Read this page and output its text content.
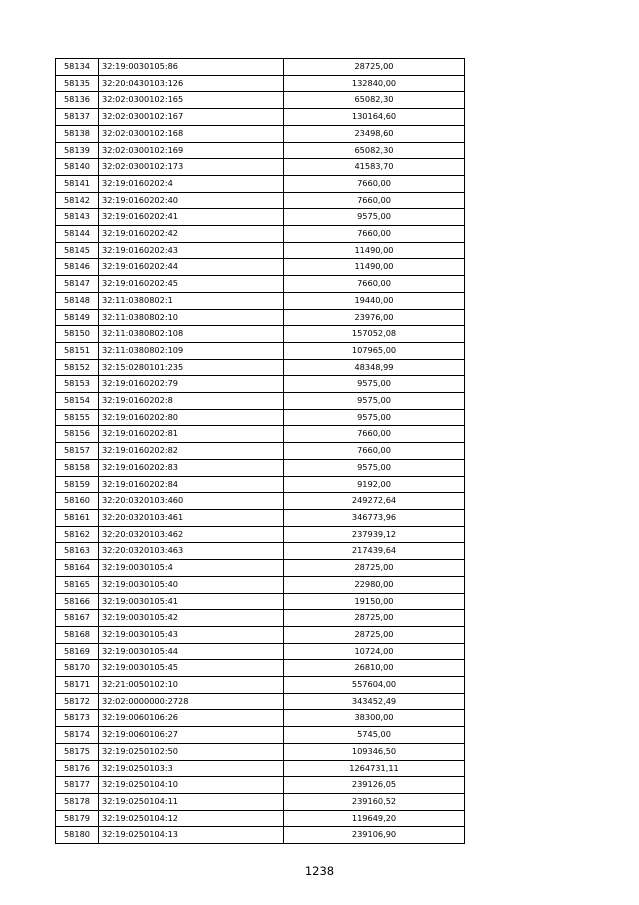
58134	32:19:0030105:86	28725,00
58135	32:20:0430103:126	132840,00
58136	32:02:0300102:165	65082,30
58137	32:02:0300102:167	130164,60
58138	32:02:0300102:168	23498,60
58139	32:02:0300102:169	65082,30
58140	32:02:0300102:173	41583,70
58141	32:19:0160202:4	7660,00
58142	32:19:0160202:40	7660,00
58143	32:19:0160202:41	9575,00
58144	32:19:0160202:42	7660,00
58145	32:19:0160202:43	11490,00
58146	32:19:0160202:44	11490,00
58147	32:19:0160202:45	7660,00
58148	32:11:0380802:1	19440,00
58149	32:11:0380802:10	23976,00
58150	32:11:0380802:108	157052,08
58151	32:11:0380802:109	107965,00
58152	32:15:0280101:235	48348,99
58153	32:19:0160202:79	9575,00
58154	32:19:0160202:8	9575,00
58155	32:19:0160202:80	9575,00
58156	32:19:0160202:81	7660,00
58157	32:19:0160202:82	7660,00
58158	32:19:0160202:83	9575,00
58159	32:19:0160202:84	9192,00
58160	32:20:0320103:460	249272,64
58161	32:20:0320103:461	346773,96
58162	32:20:0320103:462	237939,12
58163	32:20:0320103:463	217439,64
58164	32:19:0030105:4	28725,00
58165	32:19:0030105:40	22980,00
58166	32:19:0030105:41	19150,00
58167	32:19:0030105:42	28725,00
58168	32:19:0030105:43	28725,00
58169	32:19:0030105:44	10724,00
58170	32:19:0030105:45	26810,00
58171	32:21:0050102:10	557604,00
58172	32:02:0000000:2728	343452,49
58173	32:19:0060106:26	38300,00
58174	32:19:0060106:27	5745,00
58175	32:19:0250102:50	109346,50
58176	32:19:0250103:3	1264731,11
58177	32:19:0250104:10	239126,05
58178	32:19:0250104:11	239160,52
58179	32:19:0250104:12	119649,20
58180	32:19:0250104:13	239106,90
1238
